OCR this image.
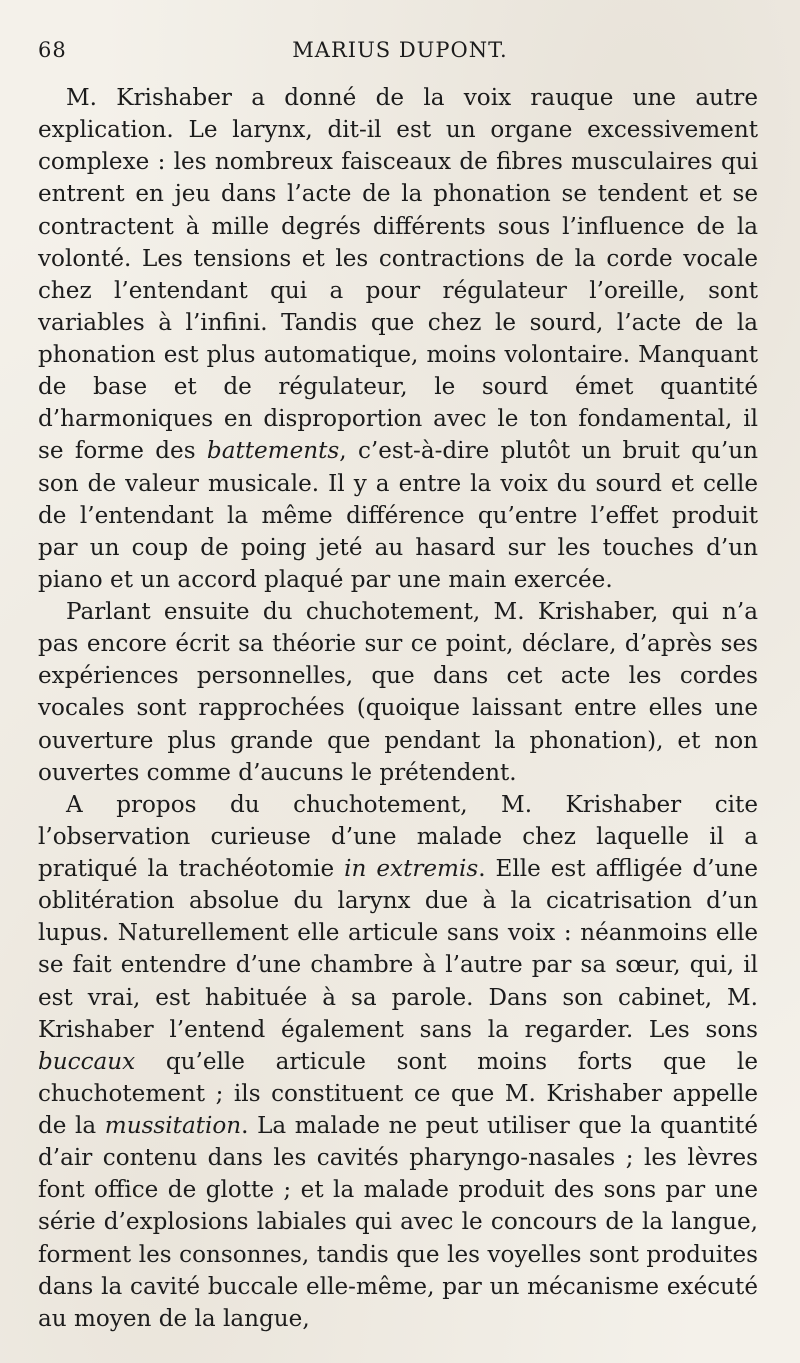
68	MARIUS DUPONT.

M. Krishaber a donné de la voix rauque une autre explication. Le larynx, dit-il est un organe excessivement complexe : les nombreux faisceaux de fibres musculaires qui entrent en jeu dans l’acte de la phonation se tendent et se contractent à mille degrés différents sous l’influence de la volonté. Les tensions et les contractions de la corde vocale chez l’entendant qui a pour régulateur l’oreille, sont variables à l’infini. Tandis que chez le sourd, l’acte de la phonation est plus automatique, moins volontaire. Manquant de base et de régulateur, le sourd émet quantité d’harmoniques en disproportion avec le ton fondamental, il se forme des battements, c’est-à-dire plutôt un bruit qu’un son de valeur musicale. Il y a entre la voix du sourd et celle de l’entendant la même différence qu’entre l’effet produit par un coup de poing jeté au hasard sur les touches d’un piano et un accord plaqué par une main exercée.

Parlant ensuite du chuchotement, M. Krishaber, qui n’a pas encore écrit sa théorie sur ce point, déclare, d’après ses expériences personnelles, que dans cet acte les cordes vocales sont rapprochées (quoique laissant entre elles une ouverture plus grande que pendant la phonation), et non ouvertes comme d’aucuns le prétendent.

A propos du chuchotement, M. Krishaber cite l’observation curieuse d’une malade chez laquelle il a pratiqué la trachéotomie in extremis. Elle est affligée d’une oblitération absolue du larynx due à la cicatrisation d’un lupus. Naturellement elle articule sans voix : néanmoins elle se fait entendre d’une chambre à l’autre par sa sœur, qui, il est vrai, est habituée à sa parole. Dans son cabinet, M. Krishaber l’entend également sans la regarder. Les sons buccaux qu’elle articule sont moins forts que le chuchotement ; ils constituent ce que M. Krishaber appelle de la mussitation. La malade ne peut utiliser que la quantité d’air contenu dans les cavités pharyngo-nasales ; les lèvres font office de glotte ; et la malade produit des sons par une série d’explosions labiales qui avec le concours de la langue, forment les consonnes, tandis que les voyelles sont produites dans la cavité buccale elle-même, par un mécanisme exécuté au moyen de la langue,
